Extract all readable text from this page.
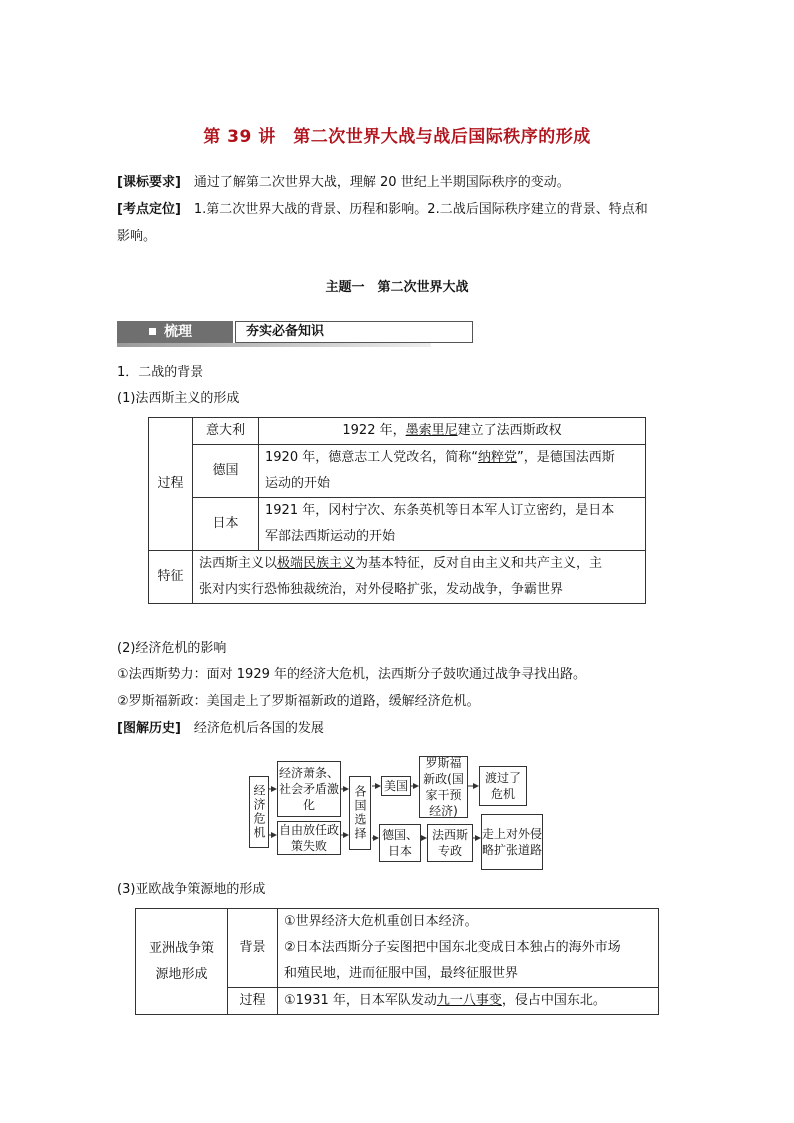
第 39 讲　第二次世界大战与战后国际秩序的形成
[课标要求]　 通过了解第二次世界大战，理解 20 世纪上半期国际秩序的变动。
[考点定位]　 1.第二次世界大战的背景、历程和影响。2.二战后国际秩序建立的背景、特点和
影响。
主题一　第二次世界大战
梳理	夯实必备知识
1．二战的背景
(1)法西斯主义的形成
过程	意大利	1922 年，墨索里尼建立了法西斯政权
	德国	1920 年，德意志工人党改名，简称“纳粹党”，是德国法西斯
运动的开始
	日本	1921 年，冈村宁次、东条英机等日本军人订立密约，是日本
军部法西斯运动的开始
特征	法西斯主义以极端民族主义为基本特征，反对自由主义和共产主义，主
张对内实行恐怖独裁统治，对外侵略扩张，发动战争，争霸世界	
(2)经济危机的影响
①法西斯势力：面对 1929 年的经济大危机，法西斯分子鼓吹通过战争寻找出路。
②罗斯福新政：美国走上了罗斯福新政的道路，缓解经济危机。
[图解历史]　 经济危机后各国的发展
经济危机
经济萧条、社会矛盾激化
自由放任政策失败
各国选择	美国
罗斯福新政(国家干预经济)
渡过了危机
德国、日本
法西斯专政
走上对外侵略扩张道路
(3)亚欧战争策源地的形成
亚洲战争策源地形成	背景	①世界经济大危机重创日本经济。
②日本法西斯分子妄图把中国东北变成日本独占的海外市场
和殖民地，进而征服中国，最终征服世界
	过程	①1931 年，日本军队发动九一八事变，侵占中国东北。
